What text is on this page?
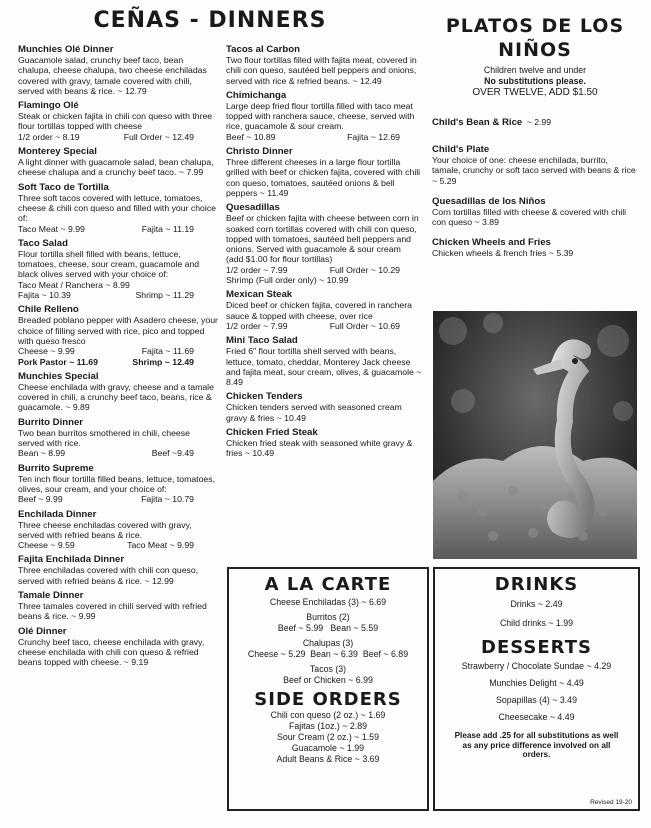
CEÑAS - DINNERS
Munchies Olé Dinner
Guacamole salad, crunchy beef taco, bean chalupa, cheese chalupa, two cheese enchiladas covered with gravy, tamale covered with chili, served with beans & rice. ~ 12.79
Flamingo Olé
Steak or chicken fajita in chili con queso with three flour tortillas topped with cheese
1/2 order ~ 8.19	Full Order ~ 12.49
Monterey Special
A light dinner with guacamole salad, bean chalupa, cheese chalupa and a crunchy beef taco. ~ 7.99
Soft Taco de Tortilla
Three soft tacos covered with lettuce, tomatoes, cheese & chili con queso and filled with your choice of:
Taco Meat ~ 9.99	Fajita ~ 11.19
Taco Salad
Flour tortilla shell filled with beans, lettuce, tomatoes, cheese, sour cream, guacamole and black olives served with your choice of:
Taco Meat / Ranchera ~ 8.99
Fajita ~ 10.39	Shrimp ~ 11.29
Chile Relleno
Breaded poblano pepper with Asadero cheese, your choice of filling served with rice, pico and topped with queso fresco
Cheese ~ 9.99	Fajita ~ 11.69
Pork Pastor ~ 11.69	Shrimp ~ 12.49
Munchies Special
Cheese enchilada with gravy, cheese and a tamale covered in chili, a crunchy beef taco, beans, rice & guacamole. ~ 9.89
Burrito Dinner
Two bean burritos smothered in chili, cheese served with rice.
Bean ~ 8.99	Beef ~9.49
Burrito Supreme
Ten inch flour tortilla filled beans, lettuce, tomatoes, olives, sour cream, and your choice of:
Beef ~ 9.99	Fajita ~ 10.79
Enchilada Dinner
Three cheese enchiladas covered with gravy, served with refried beans & rice.
Cheese ~ 9.59	Taco Meat ~ 9.99
Fajita Enchilada Dinner
Three enchiladas covered with chili con queso, served with refried beans & rice. ~ 12.99
Tamale Dinner
Three tamales covered in chili served with refried beans & rice. ~ 9.99
Olé Dinner
Crunchy beef taco, cheese enchilada with gravy, cheese enchilada with chili con queso & refried beans topped with cheese. ~ 9.19
Tacos al Carbon
Two flour tortillas filled with fajita meat, covered in chili con queso, sautéed bell peppers and onions, served with rice & refried beans. ~ 12.49
Chimichanga
Large deep fried flour tortilla filled with taco meat topped with ranchera sauce, cheese, served with rice, guacamole & sour cream.
Beef ~ 10.89	Fajita ~ 12.69
Christo Dinner
Three different cheeses in a large flour tortilla grilled with beef or chicken fajita, covered with chili con queso, tomatoes, sautéed onions & bell peppers ~ 11.49
Quesadillas
Beef or chicken fajita with cheese between corn in soaked corn tortillas covered with chili con queso, topped with tomatoes, sautéed bell peppers and onions. Served with guacamole & sour cream
(add $1.00 for flour tortillas)
1/2 order ~ 7.99	Full Order ~ 10.29
Shrimp (Full order only) ~ 10.99
Mexican Steak
Diced beef or chicken fajita, covered in ranchera sauce & topped with cheese, over rice
1/2 order ~ 7.99	Full Order ~ 10.69
Mini Taco Salad
Fried 6" flour tortilla shell served with beans, lettuce, tomato, cheddar, Monterey Jack cheese and fajita meat, sour cream, olives, & guacamole ~ 8.49
Chicken Tenders
Chicken tenders served with seasoned cream gravy & fries ~ 10.49
Chicken Fried Steak
Chicken fried steak with seasoned white gravy & fries ~ 10.49
PLATOS DE LOS
NIÑOS
Children twelve and under
No substitutions please.
OVER TWELVE, ADD $1.50
Child's Bean & Rice ~ 2.99
Child's Plate
Your choice of one: cheese enchilada, burrito, tamale, crunchy or soft taco served with beans & rice ~ 5.29
Quesadillas de los Niños
Corn tortillas filled with cheese & covered with chili con queso ~ 3.89
Chicken Wheels and Fries
Chicken wheels & french fries ~ 5.39
A LA CARTE
Cheese Enchiladas (3) ~ 6.69
Burritos (2)
Beef ~ 5.99   Bean ~ 5.59
Chalupas (3)
Cheese ~ 5.29  Bean ~ 6.39  Beef ~ 6.89
Tacos (3)
Beef or Chicken ~ 6.99
SIDE ORDERS
Chili con queso (2 oz.) ~ 1.69
Fajitas (1oz.) ~ 2.89
Sour Cream (2 oz.) ~ 1.59
Guacamole ~ 1.99
Adult Beans & Rice ~ 3.69
DRINKS
Drinks ~ 2.49
Child drinks ~ 1.99
DESSERTS
Strawberry / Chocolate Sundae ~ 4.29
Munchies Delight ~ 4.49
Sopapillas (4) ~ 3.49
Cheesecake ~ 4.49
Please add .25 for all substitutions as well as any price difference involved on all orders.
Revised 19-20
